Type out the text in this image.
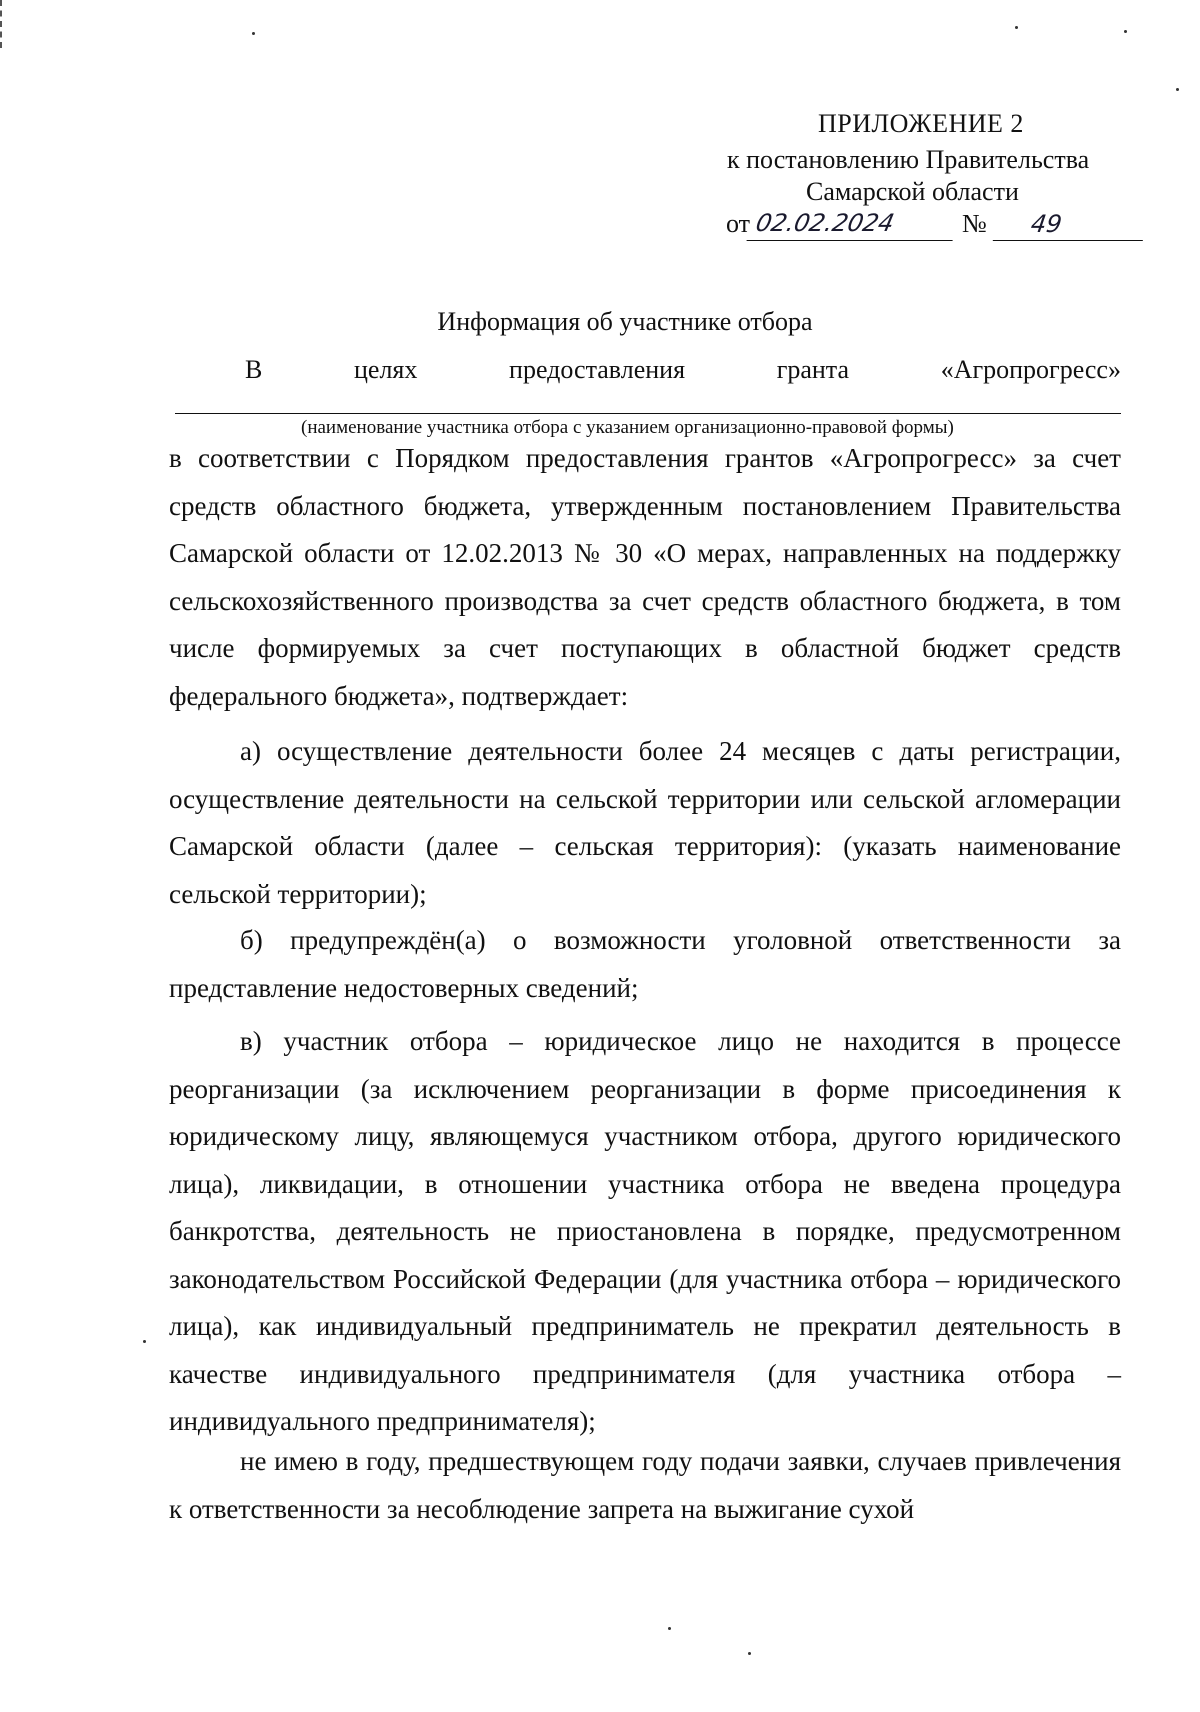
ПРИЛОЖЕНИЕ 2
к постановлению Правительства
Самарской области
от 02.02.2024	№	49
Информация об участнике отбора
В	целях	предоставления	гранта	«Агропрогресс»
(наименование участника отбора с указанием организационно-правовой формы)

в соответствии с Порядком предоставления грантов «Агропрогресс» за счет средств областного бюджета, утвержденным постановлением Правительства Самарской области от 12.02.2013 № 30 «О мерах, направленных на поддержку сельскохозяйственного производства за счет средств областного бюджета, в том числе формируемых за счет поступающих в областной бюджет средств федерального бюджета», подтверждает:

а) осуществление деятельности более 24 месяцев с даты регистрации, осуществление деятельности на сельской территории или сельской агломерации Самарской области (далее – сельская территория): (указать наименование сельской территории);

б) предупреждён(а) о возможности уголовной ответственности за представление недостоверных сведений;

в) участник отбора – юридическое лицо не находится в процессе реорганизации (за исключением реорганизации в форме присоединения к юридическому лицу, являющемуся участником отбора, другого юридического лица), ликвидации, в отношении участника отбора не введена процедура банкротства, деятельность не приостановлена в порядке, предусмотренном законодательством Российской Федерации (для участника отбора – юридического лица), как индивидуальный предприниматель не прекратил деятельность в качестве индивидуального предпринимателя (для участника отбора – индивидуального предпринимателя);

не имею в году, предшествующем году подачи заявки, случаев привлечения к ответственности за несоблюдение запрета на выжигание сухой
